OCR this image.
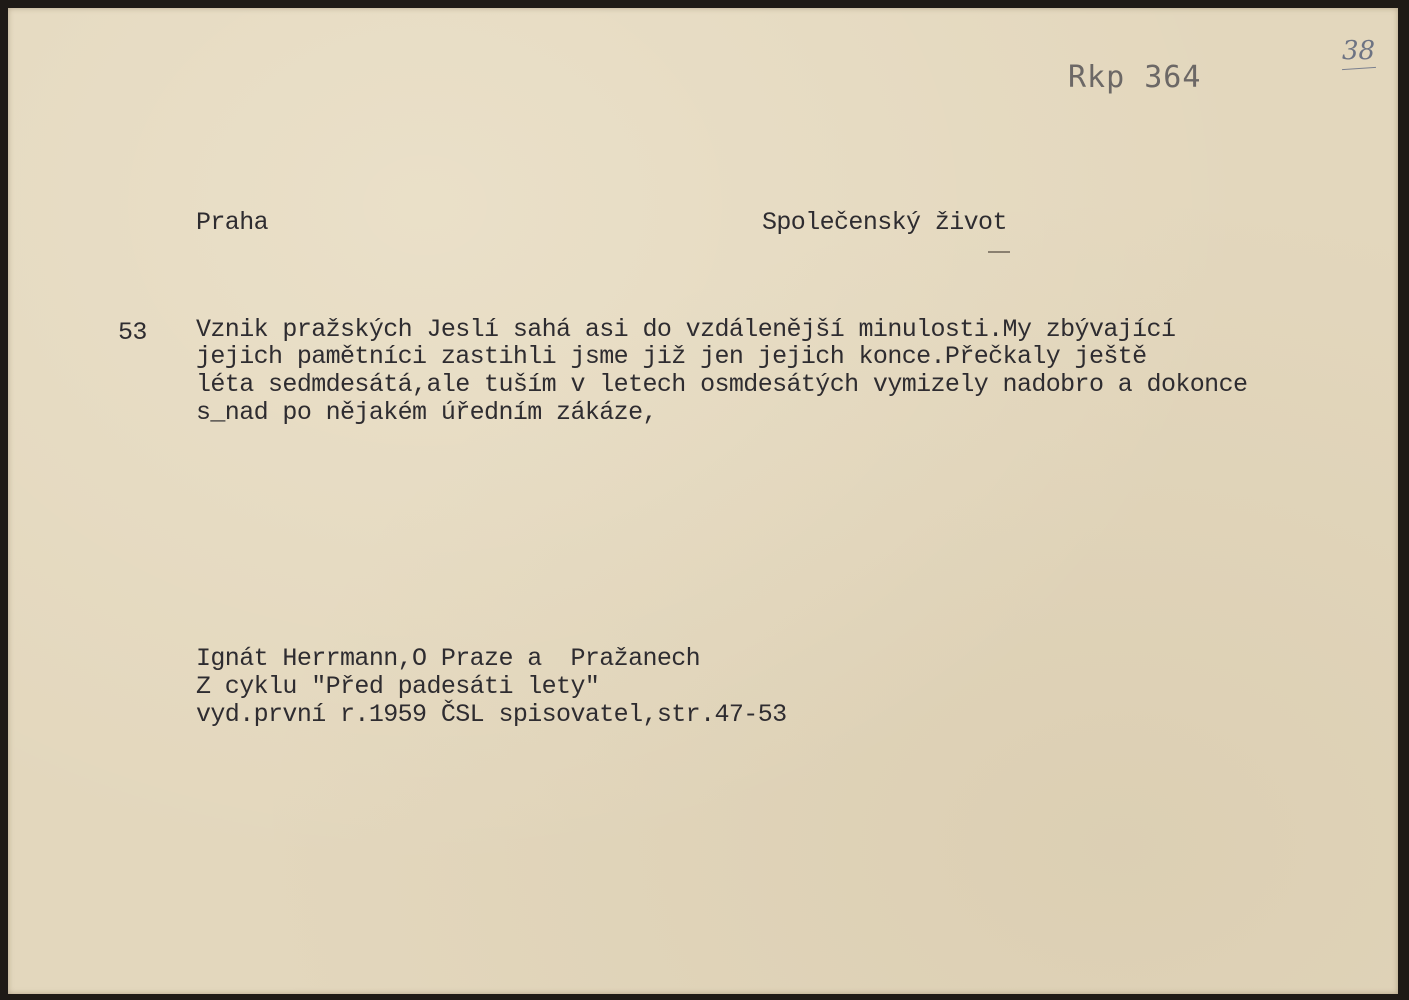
38
Rkp 364
Praha	Společenský život
53 Vznik pražských Jeslí sahá asi do vzdálenější minulosti.My zbývající
jejich pamětníci zastihli jsme již jen jejich konce.Přečkaly ještě
léta sedmdesátá,ale tuším v letech osmdesátých vymizely nadobro a dokonce
s_nad po nějakém úředním zákáze,
Ignát Herrmann,O Praze a  Pražanech
Z cyklu "Před padesáti lety"
vyd.první r.1959 ČSL spisovatel,str.47-53
